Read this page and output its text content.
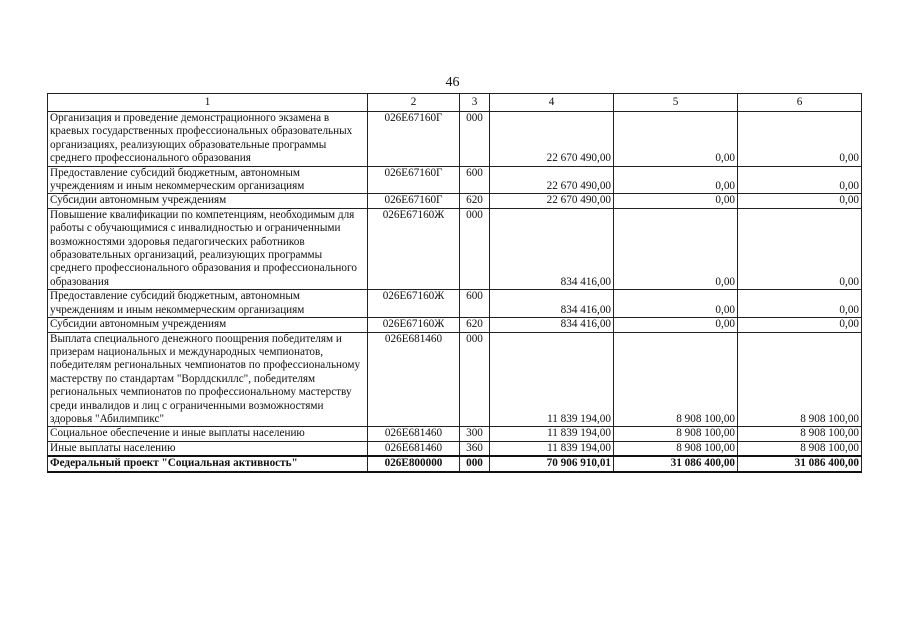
46
1	2	3	4	5	6
Организация и проведение демонстрационного экзамена в краевых государственных профессиональных образовательных организациях, реализующих образовательные программы среднего профессионального образования	026Е67160Г	000	22 670 490,00	0,00	0,00
Предоставление субсидий бюджетным, автономным учреждениям и иным некоммерческим организациям	026Е67160Г	600	22 670 490,00	0,00	0,00
Субсидии автономным учреждениям	026Е67160Г	620	22 670 490,00	0,00	0,00
Повышение квалификации по компетенциям, необходимым для работы с обучающимися с инвалидностью и ограниченными возможностями здоровья педагогических работников образовательных организаций, реализующих программы среднего профессионального образования и профессионального образования	026Е67160Ж	000	834 416,00	0,00	0,00
Предоставление субсидий бюджетным, автономным учреждениям и иным некоммерческим организациям	026Е67160Ж	600	834 416,00	0,00	0,00
Субсидии автономным учреждениям	026Е67160Ж	620	834 416,00	0,00	0,00
Выплата специального денежного поощрения победителям и призерам национальных и международных чемпионатов, победителям региональных чемпионатов по профессиональному мастерству по стандартам "Ворлдскиллс", победителям региональных чемпионатов по профессиональному мастерству среди инвалидов и лиц с ограниченными возможностями здоровья "Абилимпикс"	026Е681460	000	11 839 194,00	8 908 100,00	8 908 100,00
Социальное обеспечение и иные выплаты населению	026Е681460	300	11 839 194,00	8 908 100,00	8 908 100,00
Иные выплаты населению	026Е681460	360	11 839 194,00	8 908 100,00	8 908 100,00
Федеральный проект "Социальная активность"	026Е800000	000	70 906 910,01	31 086 400,00	31 086 400,00
